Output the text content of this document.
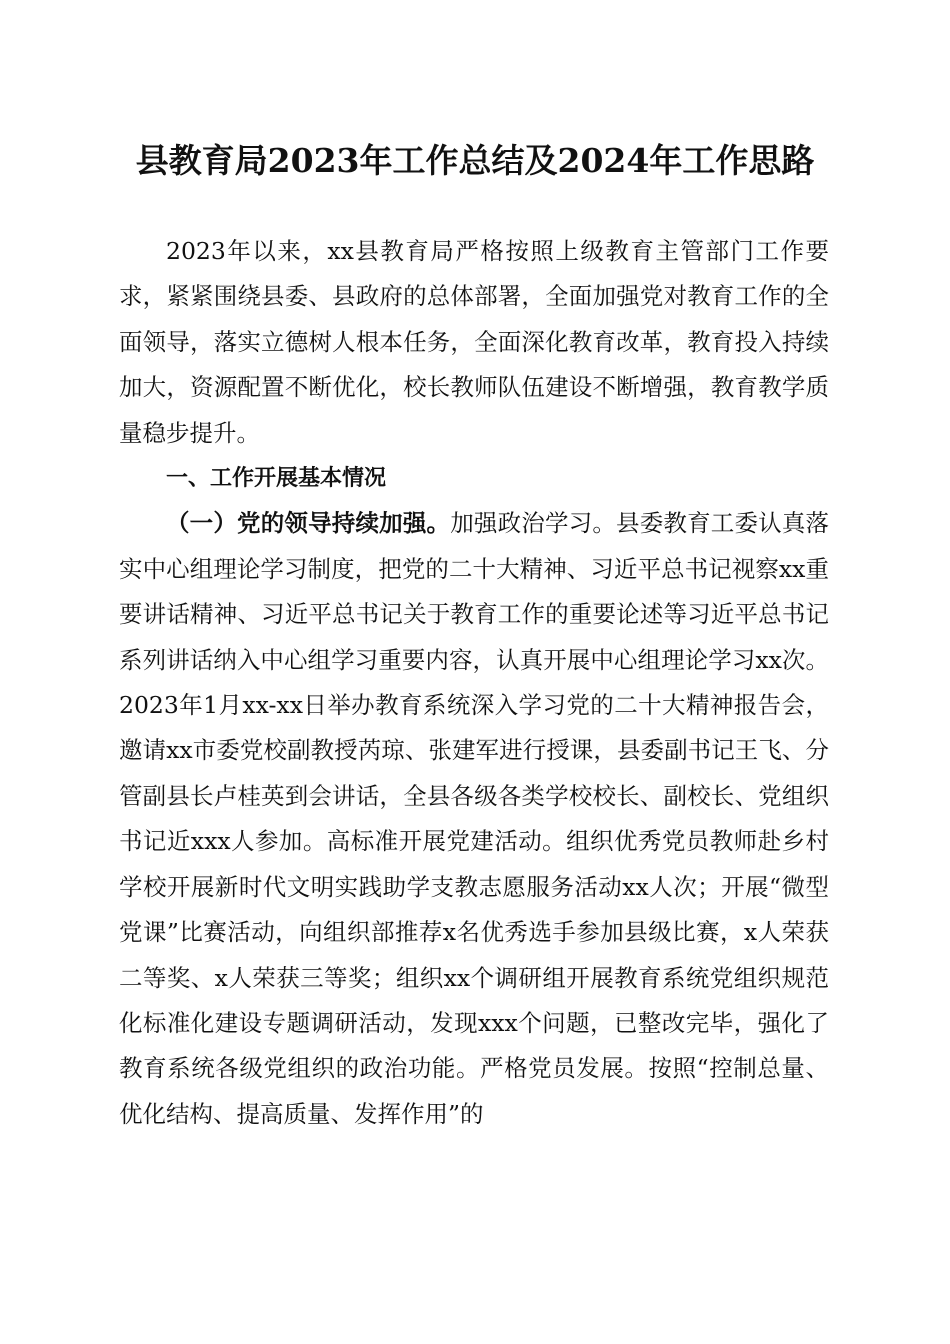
县教育局2023年工作总结及2024年工作思路

2023年以来，xx县教育局严格按照上级教育主管部门工作要求，紧紧围绕县委、县政府的总体部署，全面加强党对教育工作的全面领导，落实立德树人根本任务，全面深化教育改革，教育投入持续加大，资源配置不断优化，校长教师队伍建设不断增强，教育教学质量稳步提升。

一、工作开展基本情况

（一）党的领导持续加强。加强政治学习。县委教育工委认真落实中心组理论学习制度，把党的二十大精神、习近平总书记视察xx重要讲话精神、习近平总书记关于教育工作的重要论述等习近平总书记系列讲话纳入中心组学习重要内容，认真开展中心组理论学习xx次。2023年1月xx-xx日举办教育系统深入学习党的二十大精神报告会，邀请xx市委党校副教授芮琼、张建军进行授课，县委副书记王飞、分管副县长卢桂英到会讲话，全县各级各类学校校长、副校长、党组织书记近xxx人参加。高标准开展党建活动。组织优秀党员教师赴乡村学校开展新时代文明实践助学支教志愿服务活动xx人次；开展“微型党课”比赛活动，向组织部推荐x名优秀选手参加县级比赛，x人荣获二等奖、x人荣获三等奖；组织xx个调研组开展教育系统党组织规范化标准化建设专题调研活动，发现xxx个问题，已整改完毕，强化了教育系统各级党组织的政治功能。严格党员发展。按照“控制总量、优化结构、提高质量、发挥作用”的
